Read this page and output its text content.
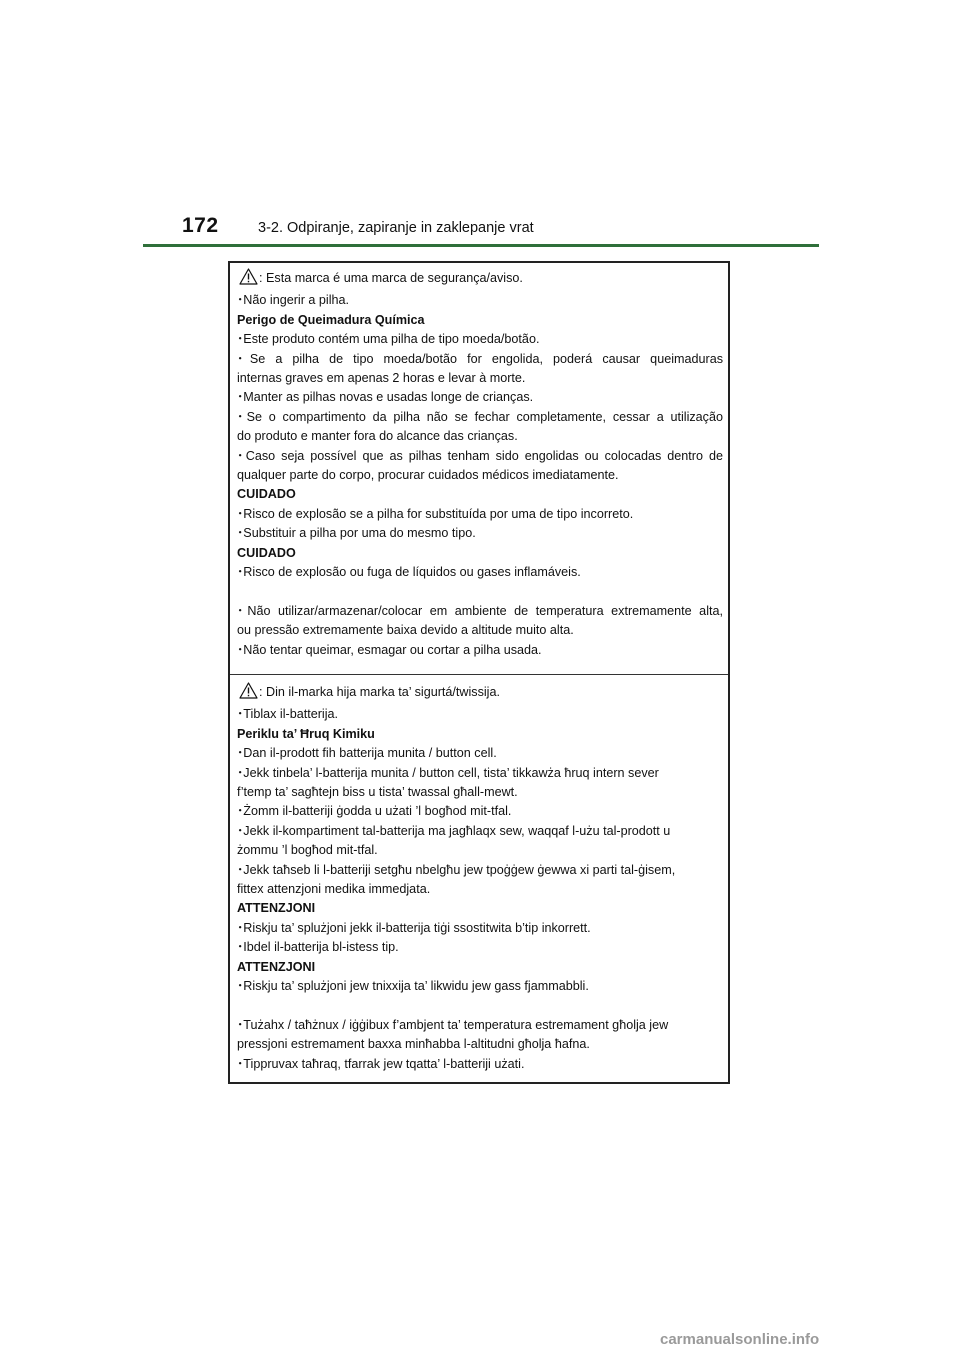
172	3-2. Odpiranje, zapiranje in zaklepanje vrat
: Esta marca é uma marca de segurança/aviso.
･Não ingerir a pilha.
Perigo de Queimadura Química
･Este produto contém uma pilha de tipo moeda/botão.
･Se a pilha de tipo moeda/botão for engolida, poderá causar queimaduras
internas graves em apenas 2 horas e levar à morte.
･Manter as pilhas novas e usadas longe de crianças.
･Se o compartimento da pilha não se fechar completamente, cessar a utilização
do produto e manter fora do alcance das crianças.
･Caso seja possível que as pilhas tenham sido engolidas ou colocadas dentro de
qualquer parte do corpo, procurar cuidados médicos imediatamente.
CUIDADO
･Risco de explosão se a pilha for substituída por uma de tipo incorreto.
･Substituir a pilha por uma do mesmo tipo.
CUIDADO
･Risco de explosão ou fuga de líquidos ou gases inflamáveis.
･Não utilizar/armazenar/colocar em ambiente de temperatura extremamente alta,
ou pressão extremamente baixa devido a altitude muito alta.
･Não tentar queimar, esmagar ou cortar a pilha usada.
: Din il-marka hija marka ta’ sigurtá/twissija.
･Tiblax il-batterija.
Periklu ta’ Ħruq Kimiku
･Dan il-prodott fih batterija munita / button cell.
･Jekk tinbela’ l-batterija munita / button cell, tista’ tikkawża ħruq intern sever
f’temp ta’ sagħtejn biss u tista’ twassal għall-mewt.
･Żomm il-batteriji ġodda u użati ’l bogħod mit-tfal.
･Jekk il-kompartiment tal-batterija ma jagħlaqx sew, waqqaf l-użu tal-prodott u
żommu ’l bogħod mit-tfal.
･Jekk taħseb li l-batteriji setgħu nbelgħu jew tpoġġew ġewwa xi parti tal-ġisem,
fittex attenzjoni medika immedjata.
ATTENZJONI
･Riskju ta’ splużjoni jekk il-batterija tiġi ssostitwita b’tip inkorrett.
･Ibdel il-batterija bl-istess tip.
ATTENZJONI
･Riskju ta’ splużjoni jew tnixxija ta’ likwidu jew gass fjammabbli.
･Tużahx / taħżnux / iġġibux f’ambjent ta’ temperatura estremament għolja jew
pressjoni estremament baxxa minħabba l-altitudni għolja ħafna.
･Tippruvax taħraq, tfarrak jew tqatta’ l-batteriji użati.
carmanualsonline.info
